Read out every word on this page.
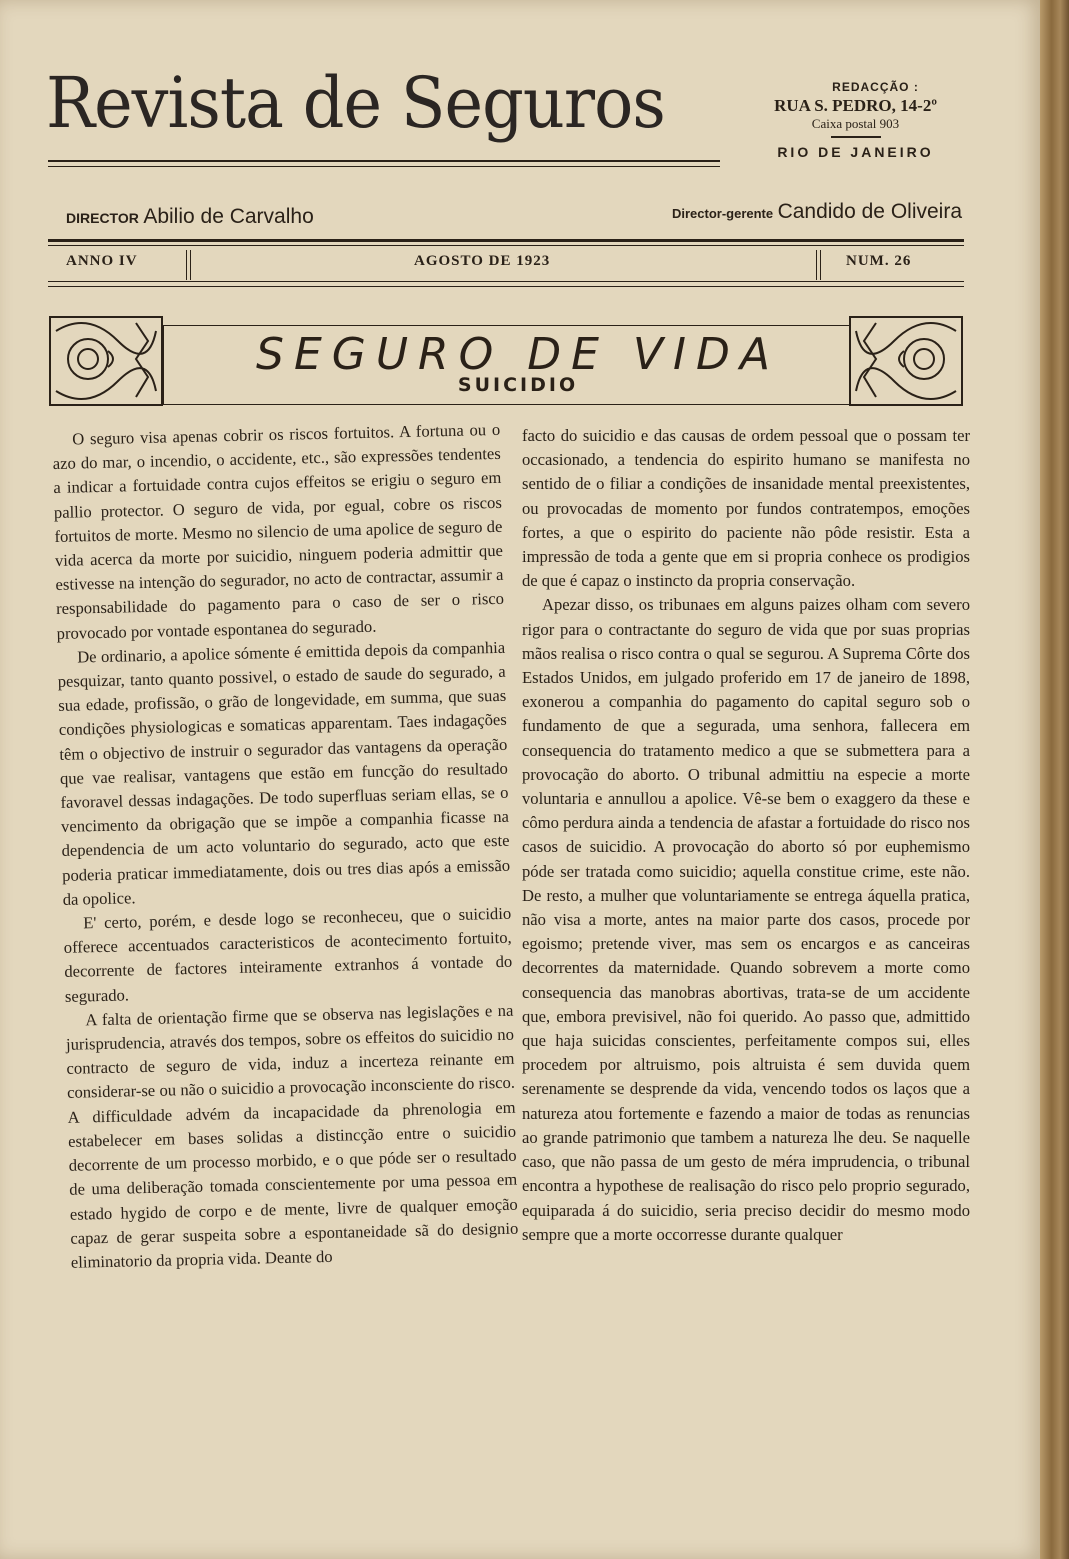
Revista de Seguros	REDACÇÃO :
RUA S. PEDRO, 14-2º
Caixa postal 903
RIO DE JANEIRO
DIRECTOR Abilio de Carvalho	Director-gerente Candido de Oliveira
ANNO IV	AGOSTO DE 1923	NUM. 26
SEGURO DE VIDA
SUICIDIO

O seguro visa apenas cobrir os riscos fortuitos. A fortuna ou o azo do mar, o incendio, o accidente, etc., são expressões tendentes a indicar a fortuidade contra cujos effeitos se erigiu o seguro em pallio protector. O seguro de vida, por egual, cobre os riscos fortuitos de morte. Mesmo no silencio de uma apolice de seguro de vida acerca da morte por suicidio, ninguem poderia admittir que estivesse na intenção do segurador, no acto de contractar, assumir a responsabilidade do pagamento para o caso de ser o risco provocado por vontade espontanea do segurado.

De ordinario, a apolice sómente é emittida depois da companhia pesquizar, tanto quanto possivel, o estado de saude do segurado, a sua edade, profissão, o grão de longevidade, em summa, que suas condições physiologicas e somaticas apparentam. Taes indagações têm o objectivo de instruir o segurador das vantagens da operação que vae realisar, vantagens que estão em funcção do resultado favoravel dessas indagações. De todo superfluas seriam ellas, se o vencimento da obrigação que se impõe a companhia ficasse na dependencia de um acto voluntario do segurado, acto que este poderia praticar immediatamente, dois ou tres dias após a emissão da opolice.

E' certo, porém, e desde logo se reconheceu, que o suicidio offerece accentuados caracteristicos de acontecimento fortuito, decorrente de factores inteiramente extranhos á vontade do segurado.

A falta de orientação firme que se observa nas legislações e na jurisprudencia, através dos tempos, sobre os effeitos do suicidio no contracto de seguro de vida, induz a incerteza reinante em considerar-se ou não o suicidio a provocação inconsciente do risco. A difficuldade advém da incapacidade da phrenologia em estabelecer em bases solidas a distincção entre o suicidio decorrente de um processo morbido, e o que póde ser o resultado de uma deliberação tomada conscientemente por uma pessoa em estado hygido de corpo e de mente, livre de qualquer emoção capaz de gerar suspeita sobre a espontaneidade sã do designio eliminatorio da propria vida. Deante do

facto do suicidio e das causas de ordem pessoal que o possam ter occasionado, a tendencia do espirito humano se manifesta no sentido de o filiar a condições de insanidade mental preexistentes, ou provocadas de momento por fundos contratempos, emoções fortes, a que o espirito do paciente não pôde resistir. Esta a impressão de toda a gente que em si propria conhece os prodigios de que é capaz o instincto da propria conservação.

Apezar disso, os tribunaes em alguns paizes olham com severo rigor para o contractante do seguro de vida que por suas proprias mãos realisa o risco contra o qual se segurou. A Suprema Côrte dos Estados Unidos, em julgado proferido em 17 de janeiro de 1898, exonerou a companhia do pagamento do capital seguro sob o fundamento de que a segurada, uma senhora, fallecera em consequencia do tratamento medico a que se submettera para a provocação do aborto. O tribunal admittiu na especie a morte voluntaria e annullou a apolice. Vê-se bem o exaggero da these e cômo perdura ainda a tendencia de afastar a fortuidade do risco nos casos de suicidio. A provocação do aborto só por euphemismo póde ser tratada como suicidio; aquella constitue crime, este não. De resto, a mulher que voluntariamente se entrega áquella pratica, não visa a morte, antes na maior parte dos casos, procede por egoismo; pretende viver, mas sem os encargos e as canceiras decorrentes da maternidade. Quando sobrevem a morte como consequencia das manobras abortivas, trata-se de um accidente que, embora previsivel, não foi querido. Ao passo que, admittido que haja suicidas conscientes, perfeitamente compos sui, elles procedem por altruismo, pois altruista é sem duvida quem serenamente se desprende da vida, vencendo todos os laços que a natureza atou fortemente e fazendo a maior de todas as renuncias ao grande patrimonio que tambem a natureza lhe deu. Se naquelle caso, que não passa de um gesto de méra imprudencia, o tribunal encontra a hypothese de realisação do risco pelo proprio segurado, equiparada á do suicidio, seria preciso decidir do mesmo modo sempre que a morte occorresse durante qualquer
